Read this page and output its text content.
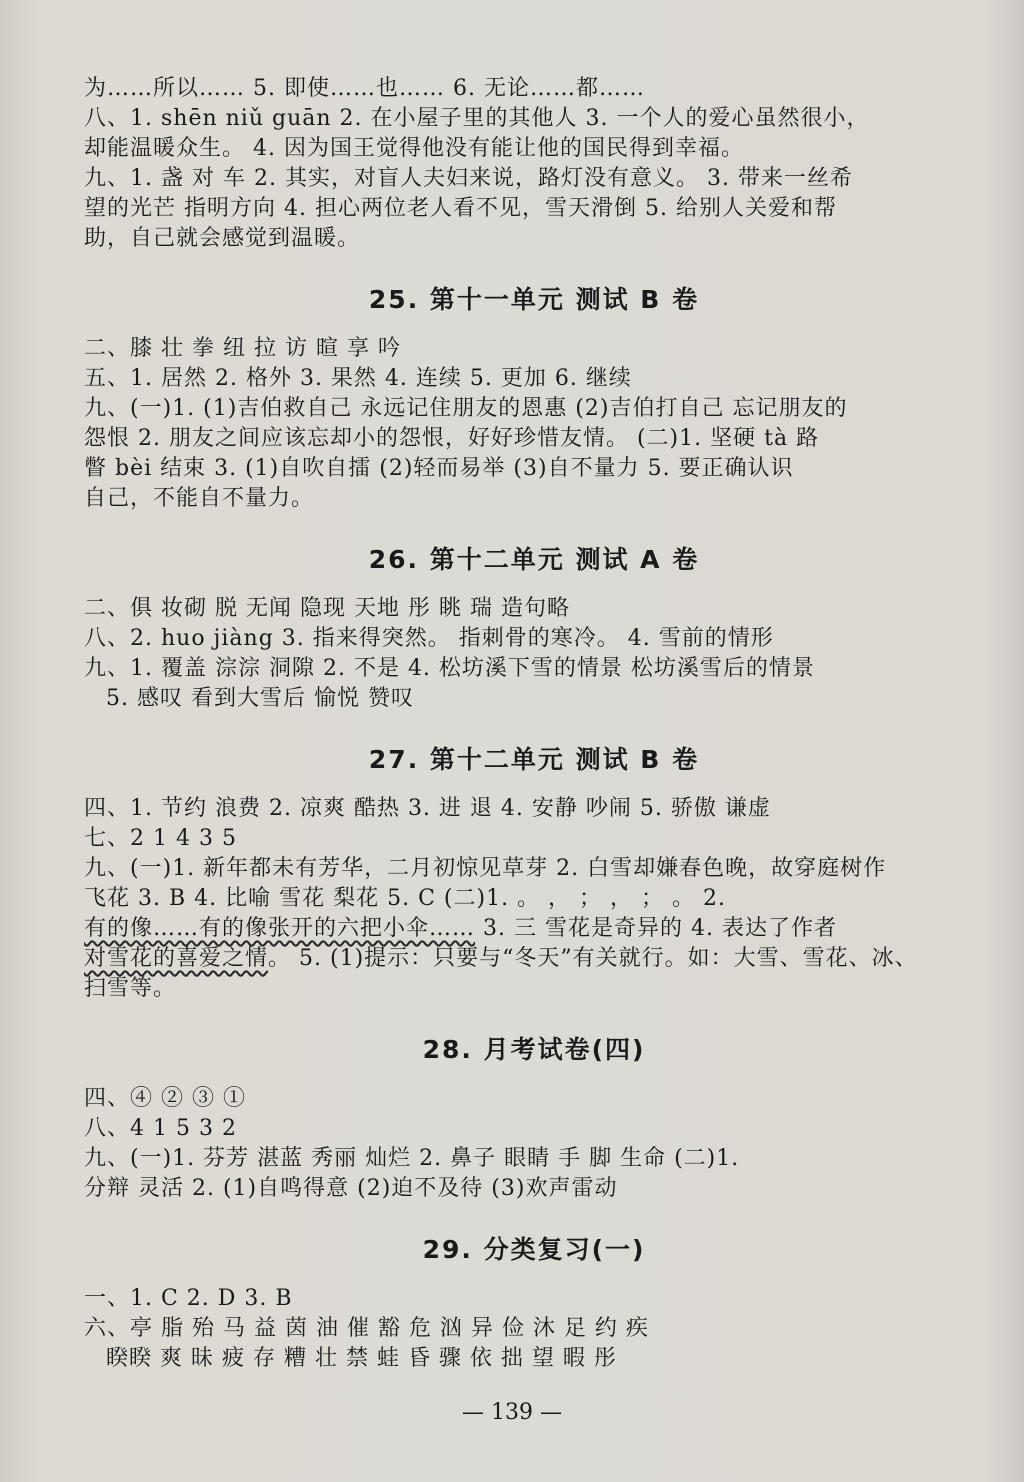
为……所以…… 5. 即使……也…… 6. 无论……都……
八、1. shēn niǔ guān 2. 在小屋子里的其他人 3. 一个人的爱心虽然很小，
却能温暖众生。 4. 因为国王觉得他没有能让他的国民得到幸福。
九、1. 盏 对 车 2. 其实，对盲人夫妇来说，路灯没有意义。 3. 带来一丝希
望的光芒 指明方向 4. 担心两位老人看不见，雪天滑倒 5. 给别人关爱和帮
助，自己就会感觉到温暖。
25. 第十一单元 测试 B 卷
二、膝 壮 拳 纽 拉 访 暄 享 吟
五、1. 居然 2. 格外 3. 果然 4. 连续 5. 更加 6. 继续
九、(一)1. (1)吉伯救自己 永远记住朋友的恩惠 (2)吉伯打自己 忘记朋友的
怨恨 2. 朋友之间应该忘却小的怨恨，好好珍惜友情。 (二)1. 坚硬 tà 路
瞥 bèi 结束 3. (1)自吹自擂 (2)轻而易举 (3)自不量力 5. 要正确认识
自己，不能自不量力。
26. 第十二单元 测试 A 卷
二、俱 妆砌 脱 无闻 隐现 天地 彤 眺 瑞 造句略
八、2. huo jiàng 3. 指来得突然。 指刺骨的寒冷。 4. 雪前的情形
九、1. 覆盖 淙淙 洞隙 2. 不是 4. 松坊溪下雪的情景 松坊溪雪后的情景
5. 感叹 看到大雪后 愉悦 赞叹
27. 第十二单元 测试 B 卷
四、1. 节约 浪费 2. 凉爽 酷热 3. 进 退 4. 安静 吵闹 5. 骄傲 谦虚
七、2 1 4 3 5
九、(一)1. 新年都未有芳华，二月初惊见草芽 2. 白雪却嫌春色晚，故穿庭树作
飞花 3. B 4. 比喻 雪花 梨花 5. C (二)1. 。 ， ； ， ； 。 2.
有的像……有的像张开的六把小伞…… 3. 三 雪花是奇异的 4. 表达了作者
对雪花的喜爱之情。 5. (1)提示：只要与“冬天”有关就行。如：大雪、雪花、冰、
扫雪等。
28. 月考试卷(四)
四、④ ② ③ ①
八、4 1 5 3 2
九、(一)1. 芬芳 湛蓝 秀丽 灿烂 2. 鼻子 眼睛 手 脚 生命 (二)1.
分辩 灵活 2. (1)自鸣得意 (2)迫不及待 (3)欢声雷动
29. 分类复习(一)
一、1. C 2. D 3. B
六、亭 脂 殆 马 益 茵 油 催 豁 危 汹 异 俭 沐 足 约 疾
睽睽 爽 昧 疲 存 糟 壮 禁 蛙 昏 骤 依 拙 望 暇 彤
— 139 —
